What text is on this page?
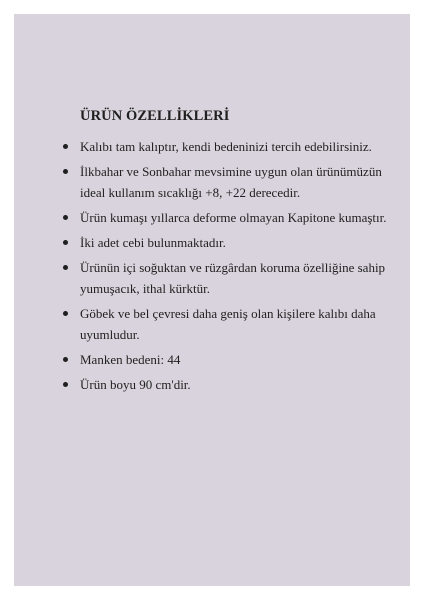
ÜRÜN ÖZELLİKLERİ
Kalıbı tam kalıptır, kendi bedeninizi tercih edebilirsiniz.
İlkbahar ve Sonbahar mevsimine uygun olan ürünümüzün ideal kullanım sıcaklığı +8, +22 derecedir.
Ürün kumaşı yıllarca deforme olmayan Kapitone kumaştır.
İki adet cebi bulunmaktadır.
Ürünün içi soğuktan ve rüzgârdan koruma özelliğine sahip yumuşacık, ithal kürktür.
Göbek ve bel çevresi daha geniş olan kişilere kalıbı daha uyumludur.
Manken bedeni: 44
Ürün boyu 90 cm'dir.
